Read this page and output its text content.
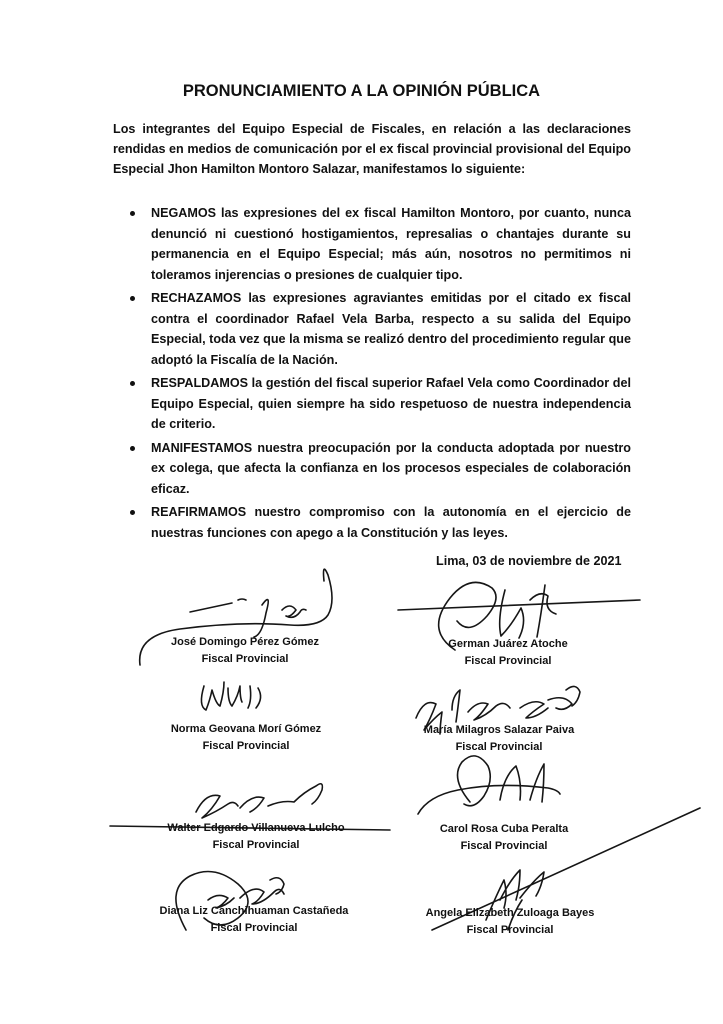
PRONUNCIAMIENTO A LA OPINIÓN PÚBLICA
Los integrantes del Equipo Especial de Fiscales, en relación a las declaraciones rendidas en medios de comunicación por el ex fiscal provincial provisional del Equipo Especial Jhon Hamilton Montoro Salazar, manifestamos lo siguiente:
NEGAMOS las expresiones del ex fiscal Hamilton Montoro, por cuanto, nunca denunció ni cuestionó hostigamientos, represalias o chantajes durante su permanencia en el Equipo Especial; más aún, nosotros no permitimos ni toleramos injerencias o presiones de cualquier tipo.
RECHAZAMOS las expresiones agraviantes emitidas por el citado ex fiscal contra el coordinador Rafael Vela Barba, respecto a su salida del Equipo Especial, toda vez que la misma se realizó dentro del procedimiento regular que adoptó la Fiscalía de la Nación.
RESPALDAMOS la gestión del fiscal superior Rafael Vela como Coordinador del Equipo Especial, quien siempre ha sido respetuoso de nuestra independencia de criterio.
MANIFESTAMOS nuestra preocupación por la conducta adoptada por nuestro ex colega, que afecta la confianza en los procesos especiales de colaboración eficaz.
REAFIRMAMOS nuestro compromiso con la autonomía en el ejercicio de nuestras funciones con apego a la Constitución y las leyes.
Lima, 03 de noviembre de 2021
José Domingo Pérez Gómez
Fiscal Provincial
German Juárez Atoche
Fiscal Provincial
Norma Geovana Morí Gómez
Fiscal Provincial
María Milagros Salazar Paiva
Fiscal Provincial
Walter Edgardo Villanueva Lulcho
Fiscal Provincial
Carol Rosa Cuba Peralta
Fiscal Provincial
Diana Liz Canchihuaman Castañeda
Fiscal Provincial
Angela Elizabeth Zuloaga Bayes
Fiscal Provincial
